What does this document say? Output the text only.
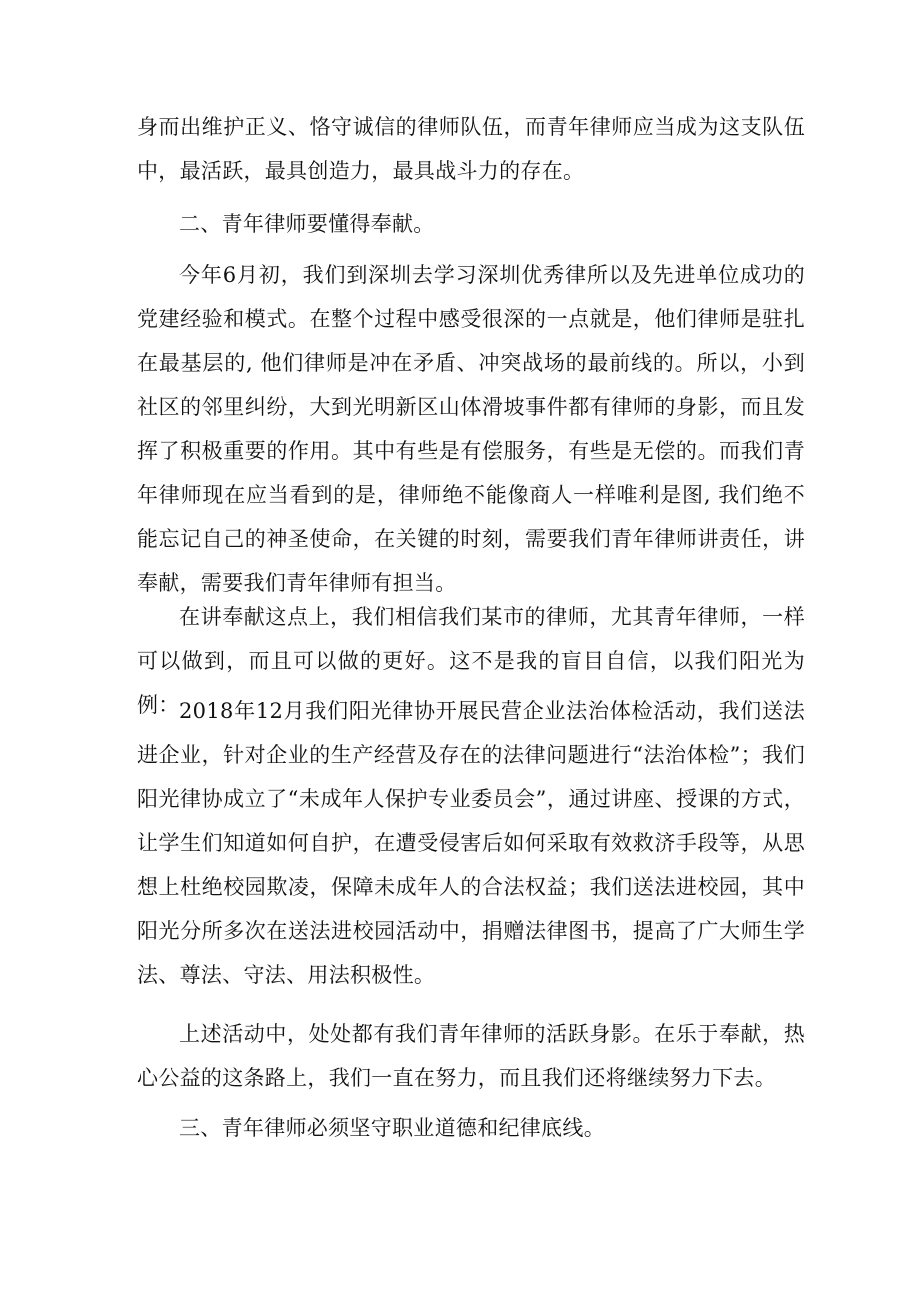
身而出维护正义、恪守诚信的律师队伍，而青年律师应当成为这支队伍中，最活跃，最具创造力，最具战斗力的存在。

二、青年律师要懂得奉献。

今年6月初，我们到深圳去学习深圳优秀律所以及先进单位成功的党建经验和模式。在整个过程中感受很深的一点就是，他们律师是驻扎在最基层的, 他们律师是冲在矛盾、冲突战场的最前线的。所以，小到社区的邻里纠纷，大到光明新区山体滑坡事件都有律师的身影，而且发挥了积极重要的作用。其中有些是有偿服务，有些是无偿的。而我们青年律师现在应当看到的是，律师绝不能像商人一样唯利是图, 我们绝不能忘记自己的神圣使命，在关键的时刻，需要我们青年律师讲责任，讲奉献，需要我们青年律师有担当。

在讲奉献这点上，我们相信我们某市的律师，尤其青年律师，一样可以做到，而且可以做的更好。这不是我的盲目自信，以我们阳光为例： 2018年12月我们阳光律协开展民营企业法治体检活动，我们送法进企业，针对企业的生产经营及存在的法律问题进行“法治体检”；我们阳光律协成立了“未成年人保护专业委员会”，通过讲座、授课的方式，让学生们知道如何自护，在遭受侵害后如何采取有效救济手段等，从思想上杜绝校园欺凌，保障未成年人的合法权益；我们送法进校园，其中阳光分所多次在送法进校园活动中，捐赠法律图书，提高了广大师生学法、尊法、守法、用法积极性。

上述活动中，处处都有我们青年律师的活跃身影。在乐于奉献，热心公益的这条路上，我们一直在努力，而且我们还将继续努力下去。

三、青年律师必须坚守职业道德和纪律底线。
